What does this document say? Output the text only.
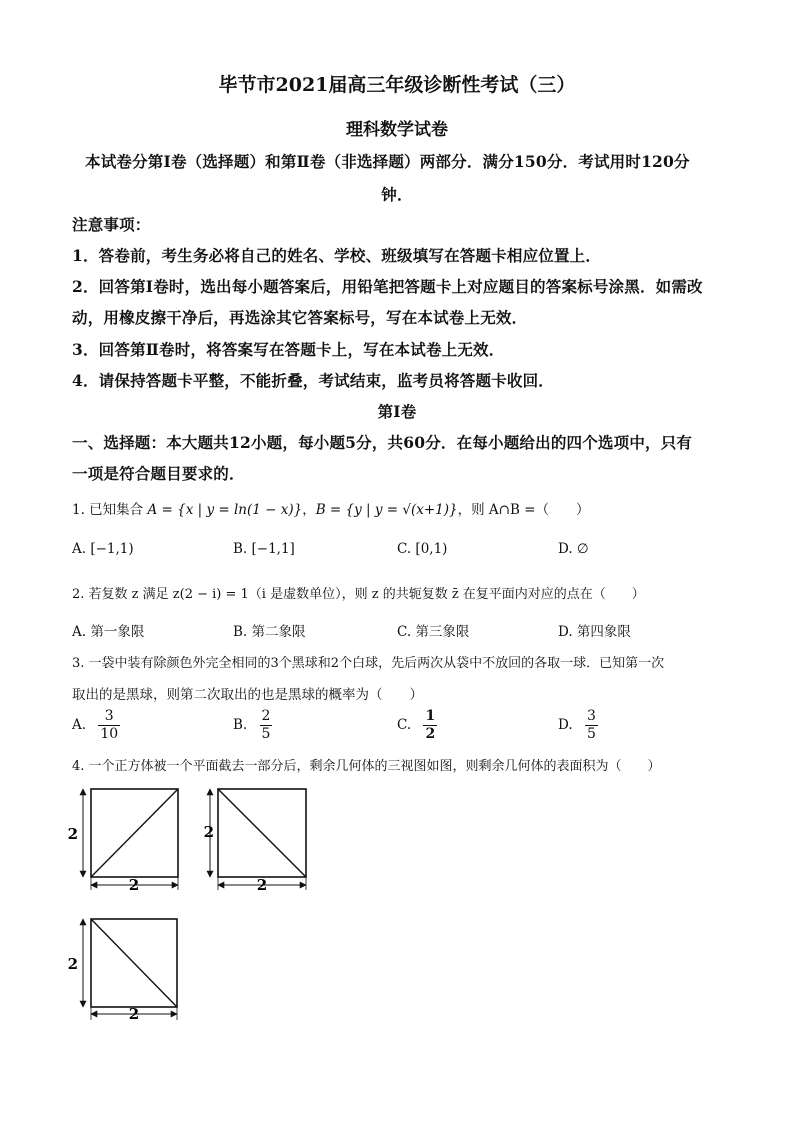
毕节市2021届高三年级诊断性考试（三）
理科数学试卷
本试卷分第Ⅰ卷（选择题）和第Ⅱ卷（非选择题）两部分．满分150分．考试用时120分
钟．
注意事项：
1．答卷前，考生务必将自己的姓名、学校、班级填写在答题卡相应位置上．
2．回答第Ⅰ卷时，选出每小题答案后，用铅笔把答题卡上对应题目的答案标号涂黑．如需改
动，用橡皮擦干净后，再选涂其它答案标号，写在本试卷上无效．
3．回答第Ⅱ卷时，将答案写在答题卡上，写在本试卷上无效．
4．请保持答题卡平整，不能折叠，考试结束，监考员将答题卡收回．
第Ⅰ卷
一、选择题：本大题共12小题，每小题5分，共60分．在每小题给出的四个选项中，只有
一项是符合题目要求的．
1. 已知集合 A = {x | y = ln(1 − x)}，B = {y | y = √(x+1)}，则 A∩B =（　　）
A. [−1,1)	B. [−1,1]	C. [0,1)	D. ∅
2. 若复数 z 满足 z(2 − i) = 1（i 是虚数单位），则 z 的共轭复数 z̄ 在复平面内对应的点在（　　）
A. 第一象限	B. 第二象限	C. 第三象限	D. 第四象限
3. 一袋中装有除颜色外完全相同的3个黑球和2个白球，先后两次从袋中不放回的各取一球．已知第一次
取出的是黑球，则第二次取出的也是黑球的概率为（　　）
A. $\frac{3}{10}$	B. $\frac{2}{5}$	C. $\frac{1}{2}$	D. $\frac{3}{5}$
4. 一个正方体被一个平面截去一部分后，剩余几何体的三视图如图，则剩余几何体的表面积为（　　）
2
2
2
2
2
2
